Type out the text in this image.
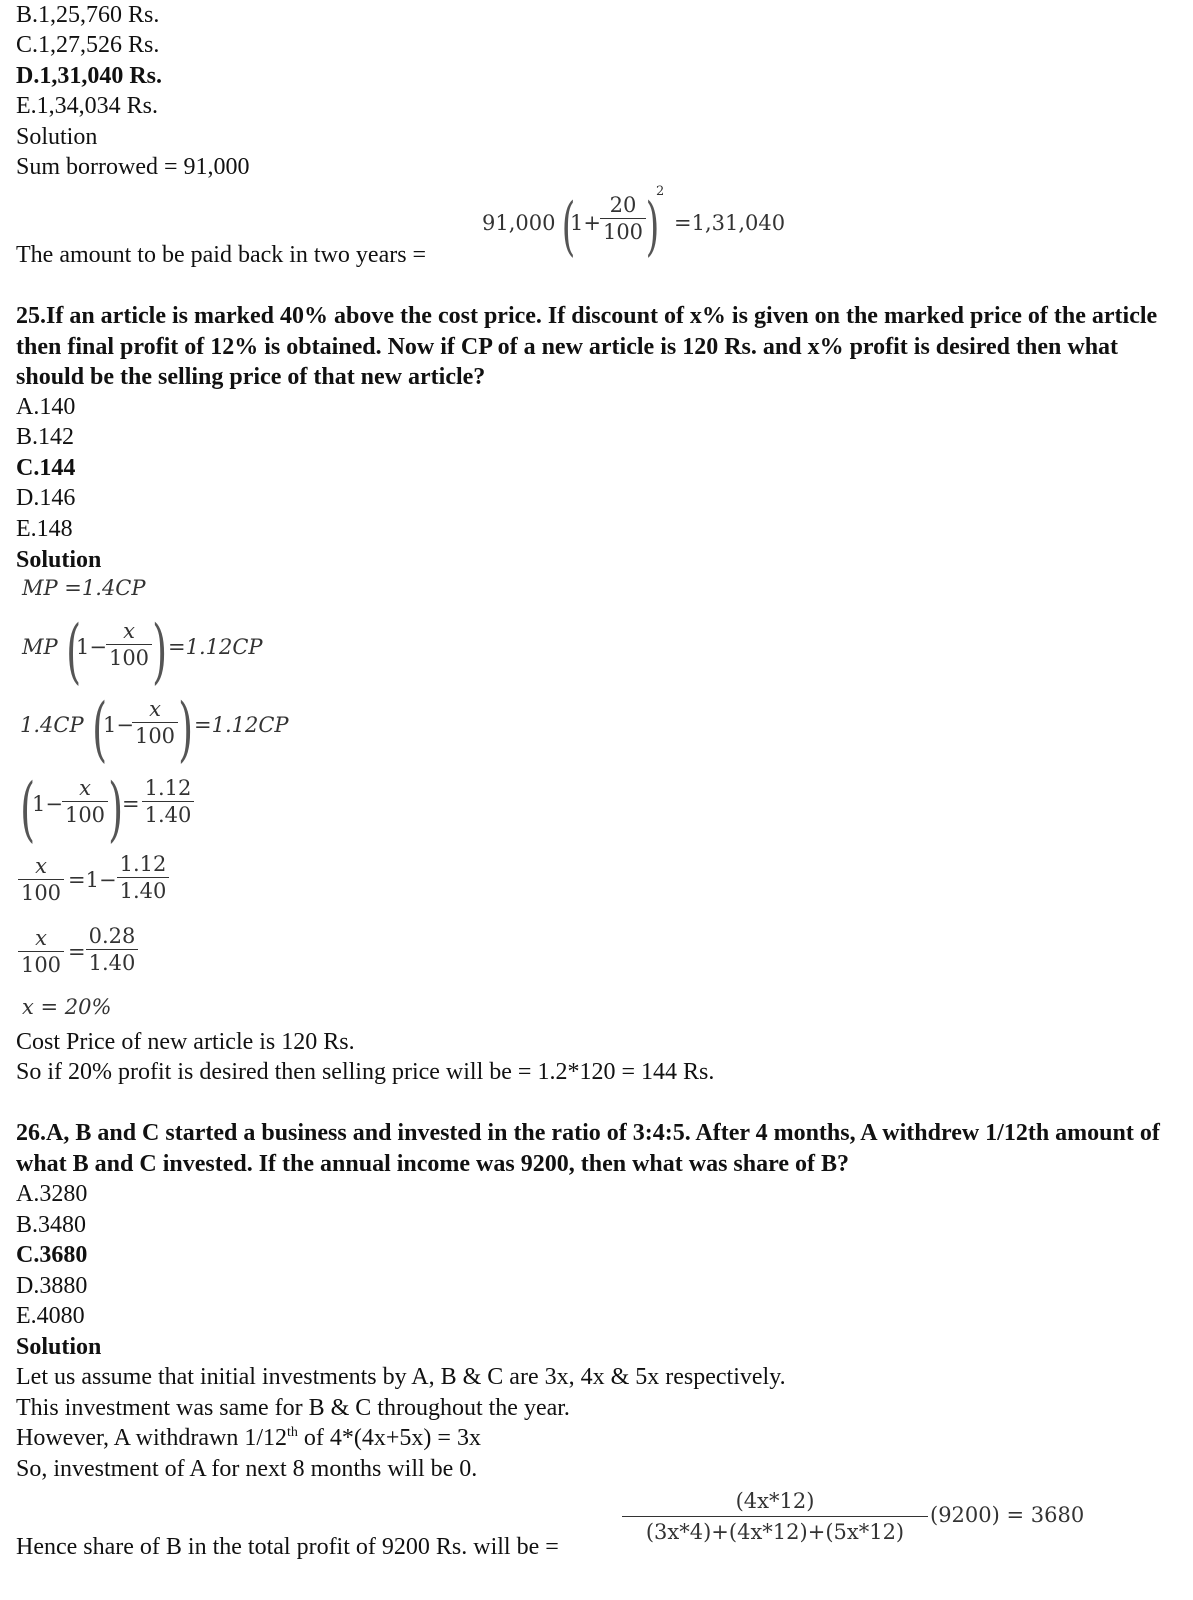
B.1,25,760 Rs.
C.1,27,526 Rs.
D.1,31,040 Rs.
E.1,34,034 Rs.
Solution
Sum borrowed = 91,000
The amount to be paid back in two years =
91,000 (
$1+ \frac{20}{100}$ )
2
=1,31,040
25.If an article is marked 40% above the cost price. If discount of x% is given on the marked price of the article then final profit of 12% is obtained. Now if CP of a new article is 120 Rs. and x% profit is desired then what should be the selling price of that new article?
A.140
B.142
C.144
D.146
E.148
Solution
MP =1.4CP
MP (
$1- \frac{x}{100}$ ) =1.12CP
1.4CP (
1−
$\frac{x}{100}$ ) =1.12CP
(
$1- \frac{x}{100}$ )
= $\frac{1.12}{1.40}$
$\frac{x}{100} =1- \frac{1.12}{1.40}$
$\frac{x}{100} = \frac{0.28}{1.40}$
x = 20%
Cost Price of new article is 120 Rs.
So if 20% profit is desired then selling price will be = 1.2*120 = 144 Rs.
26.A, B and C started a business and invested in the ratio of 3:4:5. After 4 months, A withdrew 1/12th amount of what B and C invested. If the annual income was 9200, then what was share of B?
A.3280
B.3480
C.3680
D.3880
E.4080
Solution
Let us assume that initial investments by A, B & C are 3x, 4x & 5x respectively.
This investment was same for B & C throughout the year.
However, A withdrawn 1/12th of 4*(4x+5x) = 3x
So, investment of A for next 8 months will be 0.
Hence share of B in the total profit of 9200 Rs. will be =	$\frac{(4x*12)}{(3x*4)+(4x*12)+(5x*12)} (9200) = 3680$
